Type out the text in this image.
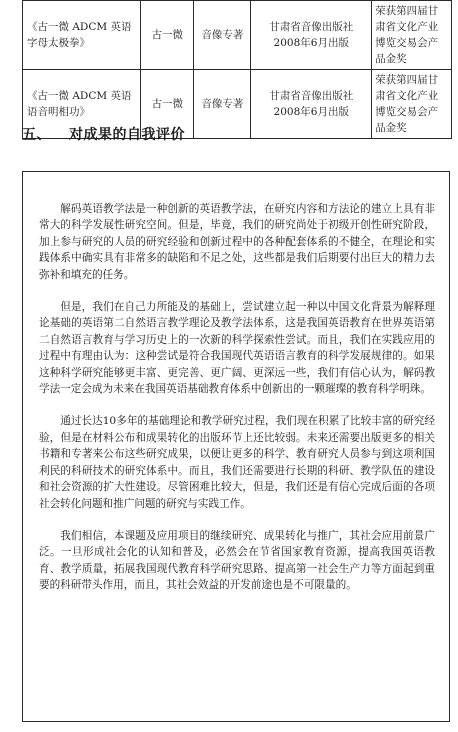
《古一微 ADCM 英语字母太极拳》	古一微	音像专著	甘肃省音像出版社 2008年6月出版	荣获第四届甘肃省文化产业博览交易会产品金奖
《古一微 ADCM 英语语音明相功》	古一微	音像专著	甘肃省音像出版社 2008年6月出版	荣获第四届甘肃省文化产业博览交易会产品金奖
五、 对成果的自我评价

解码英语教学法是一种创新的英语教学法，在研究内容和方法论的建立上具有非常大的科学发展性研究空间。但是，毕竟，我们的研究尚处于初级开创性研究阶段，加上参与研究的人员的研究经验和创新过程中的各种配套体系的不健全，在理论和实践体系中确实具有非常多的缺陷和不足之处，这些都是我们后期要付出巨大的精力去弥补和填充的任务。

但是，我们在自己力所能及的基础上，尝试建立起一种以中国文化背景为解释理论基础的英语第二自然语言教学理论及教学法体系，这是我国英语教育在世界英语第二自然语言教育与学习历史上的一次新的科学探索性尝试。而且，我们在实践应用的过程中有理由认为：这种尝试是符合我国现代英语语言教育的科学发展规律的。如果这种科学研究能够更丰富、更完善、更广阔、更深远一些，我们有信心认为，解码教学法一定会成为未来在我国英语基础教育体系中创新出的一颗璀璨的教育科学明珠。

通过长达10多年的基础理论和教学研究过程，我们现在积累了比较丰富的研究经验，但是在材料公布和成果转化的出版环节上还比较弱。未来还需要出版更多的相关书籍和专著来公布这些研究成果，以便让更多的科学、教育研究人员参与到这项利国利民的科研技术的研究体系中。而且，我们还需要进行长期的科研、教学队伍的建设和社会资源的扩大性建设。尽管困难比较大，但是，我们还是有信心完成后面的各项社会转化问题和推广问题的研究与实践工作。

我们相信，本课题及应用项目的继续研究、成果转化与推广，其社会应用前景广泛。一旦形成社会化的认知和普及，必然会在节省国家教育资源，提高我国英语教育、教学质量，拓展我国现代教育科学研究思路、提高第一社会生产力等方面起到重要的科研带头作用，而且，其社会效益的开发前途也是不可限量的。
